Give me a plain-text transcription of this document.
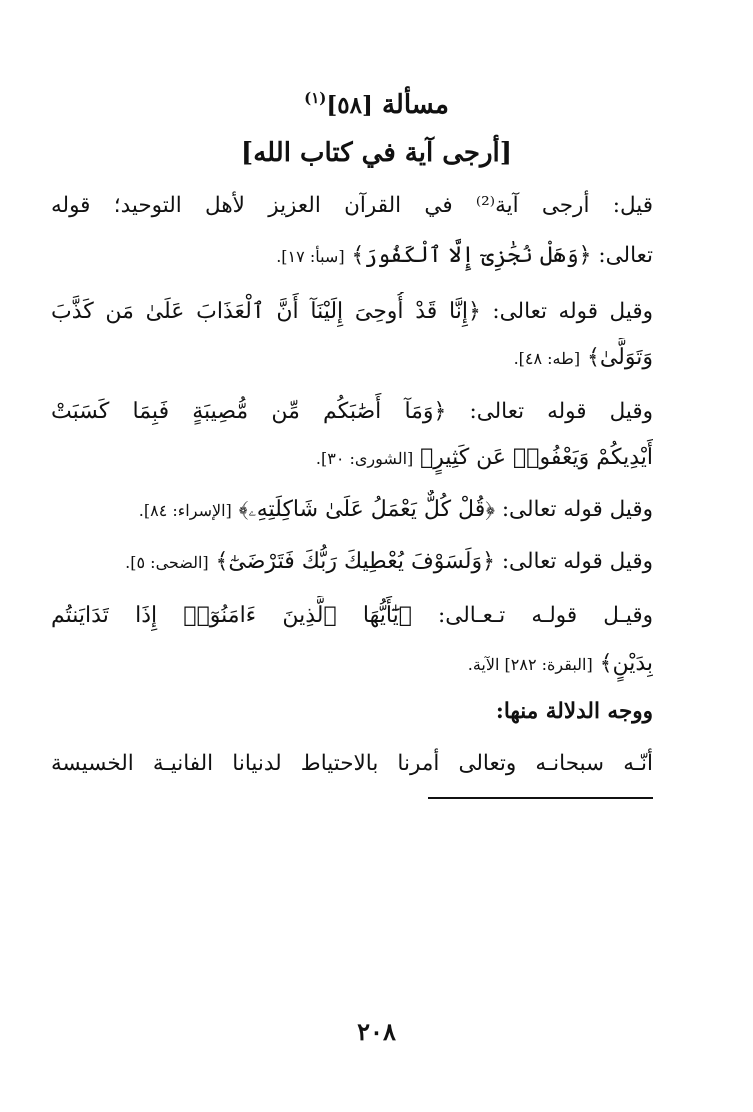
مسألة [٥٨]$^{(١)}$
[أرجى آية في كتاب الله]
قيل: أرجى آية⁽²⁾ في القرآن العزيز لأهل التوحيد؛ قوله
تعالى: ﴿وَهَلْ نُجَٰزِىٓ إِلَّا ٱلْكَفُورَ﴾ [سبأ: ١٧].
وقيل قوله تعالى: ﴿إِنَّا قَدْ أُوحِىَ إِلَيْنَآ أَنَّ ٱلْعَذَابَ عَلَىٰ مَن كَذَّبَ
وَتَوَلَّىٰ﴾ [طه: ٤٨].
وقيل قوله تعالى: ﴿وَمَآ أَصَٰبَكُم مِّن مُّصِيبَةٍ فَبِمَا كَسَبَتْ
أَيْدِيكُمْ وَيَعْفُوا۟ عَن كَثِيرٍ﴾ [الشورى: ٣٠].
وقيل قوله تعالى: ﴿قُلْ كُلٌّ يَعْمَلُ عَلَىٰ شَاكِلَتِهِۦ﴾ [الإسراء: ٨٤].
وقيل قوله تعالى: ﴿وَلَسَوْفَ يُعْطِيكَ رَبُّكَ فَتَرْضَىٰٓ﴾ [الضحى: ٥].
وقيـل قولـه تـعـالى: ﴿يَٰٓأَيُّهَا ٱلَّذِينَ ءَامَنُوٓا۟ إِذَا تَدَايَنتُم
بِدَيْنٍ﴾ [البقرة: ٢٨٢] الآية.
ووجه الدلالة منها:
أنّـه سبحانـه وتعالى أمرنا بالاحتياط لدنيانا الفانيـة الخسيسة
٢٠٨
